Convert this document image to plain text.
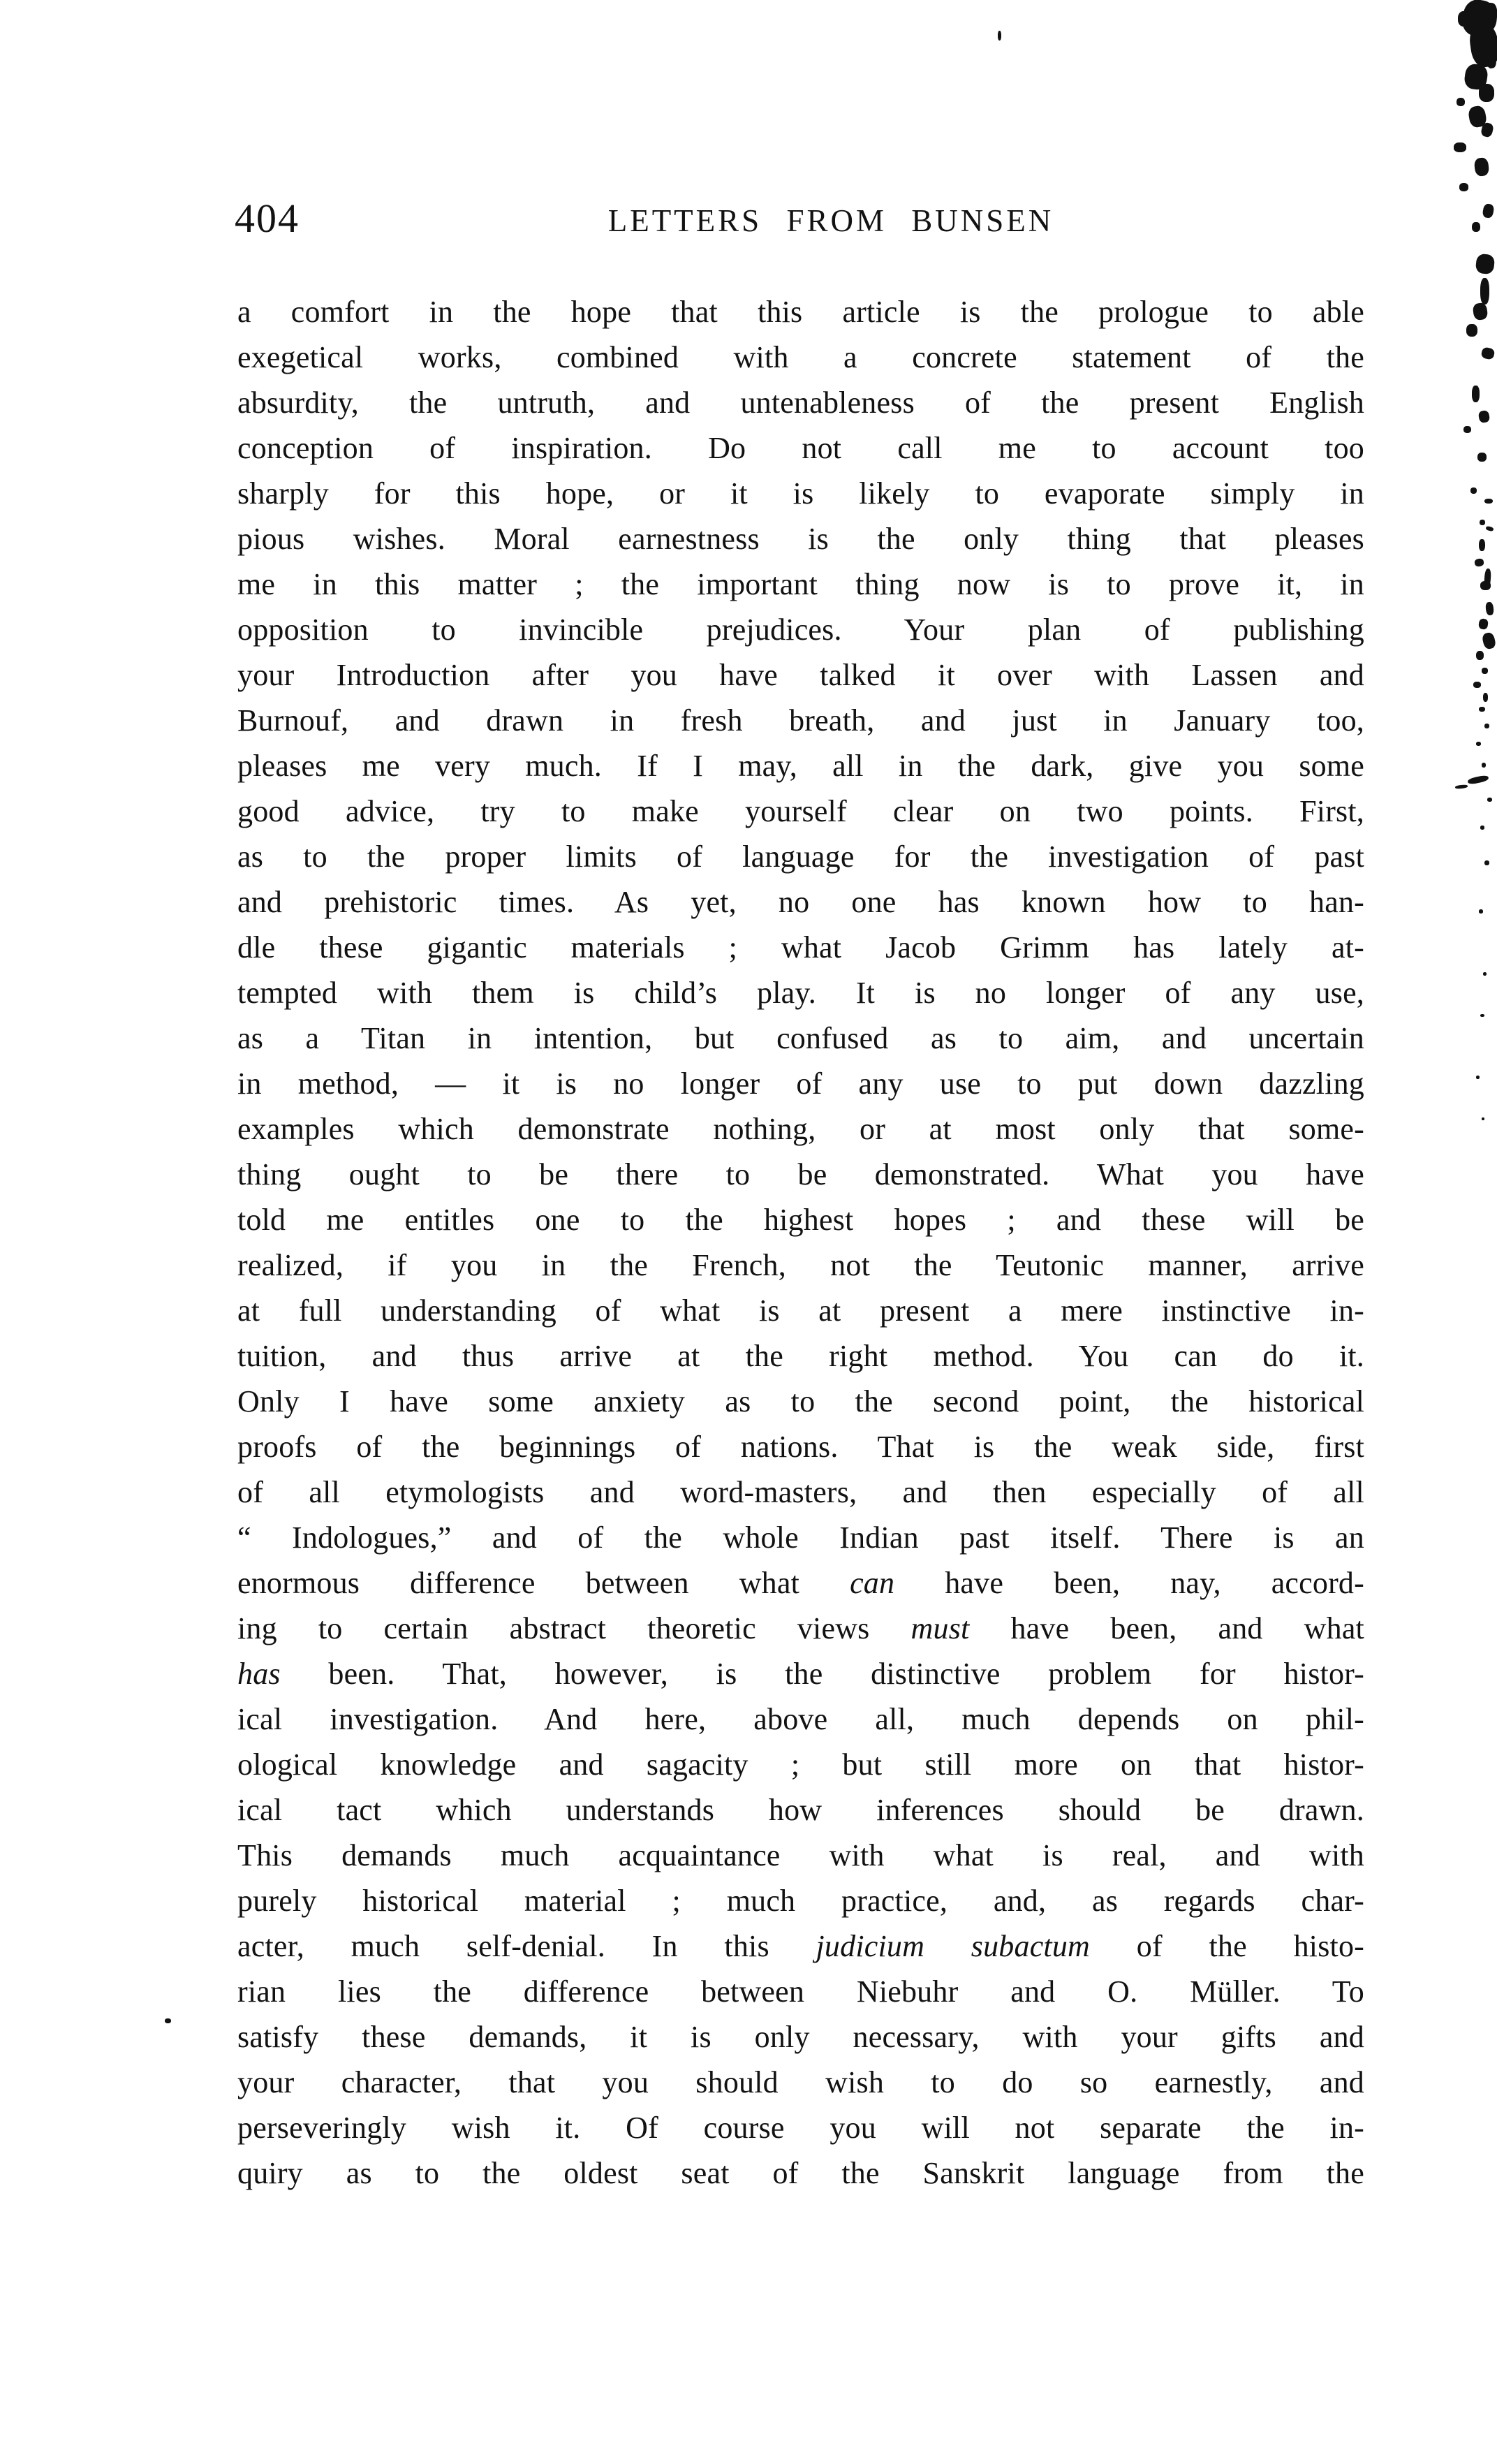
404	LETTERS FROM BUNSEN
a comfort in the hope that this article is the prologue to able
exegetical works, combined with a concrete statement of the
absurdity, the untruth, and untenableness of the present English
conception of inspiration. Do not call me to account too
sharply for this hope, or it is likely to evaporate simply in
pious wishes. Moral earnestness is the only thing that pleases
me in this matter ; the important thing now is to prove it, in
opposition to invincible prejudices. Your plan of publishing
your Introduction after you have talked it over with Lassen and
Burnouf, and drawn in fresh breath, and just in January too,
pleases me very much. If I may, all in the dark, give you some
good advice, try to make yourself clear on two points. First,
as to the proper limits of language for the investigation of past
and prehistoric times. As yet, no one has known how to han-
dle these gigantic materials ; what Jacob Grimm has lately at-
tempted with them is child’s play. It is no longer of any use,
as a Titan in intention, but confused as to aim, and uncertain
in method, — it is no longer of any use to put down dazzling
examples which demonstrate nothing, or at most only that some-
thing ought to be there to be demonstrated. What you have
told me entitles one to the highest hopes ; and these will be
realized, if you in the French, not the Teutonic manner, arrive
at full understanding of what is at present a mere instinctive in-
tuition, and thus arrive at the right method. You can do it.
Only I have some anxiety as to the second point, the historical
proofs of the beginnings of nations. That is the weak side, first
of all etymologists and word-masters, and then especially of all
“ Indologues,” and of the whole Indian past itself. There is an
enormous difference between what can have been, nay, accord-
ing to certain abstract theoretic views must have been, and what
has been. That, however, is the distinctive problem for histor-
ical investigation. And here, above all, much depends on phil-
ological knowledge and sagacity ; but still more on that histor-
ical tact which understands how inferences should be drawn.
This demands much acquaintance with what is real, and with
purely historical material ; much practice, and, as regards char-
acter, much self-denial. In this judicium subactum of the histo-
rian lies the difference between Niebuhr and O. Müller. To
satisfy these demands, it is only necessary, with your gifts and
your character, that you should wish to do so earnestly, and
perseveringly wish it. Of course you will not separate the in-
quiry as to the oldest seat of the Sanskrit language from the
